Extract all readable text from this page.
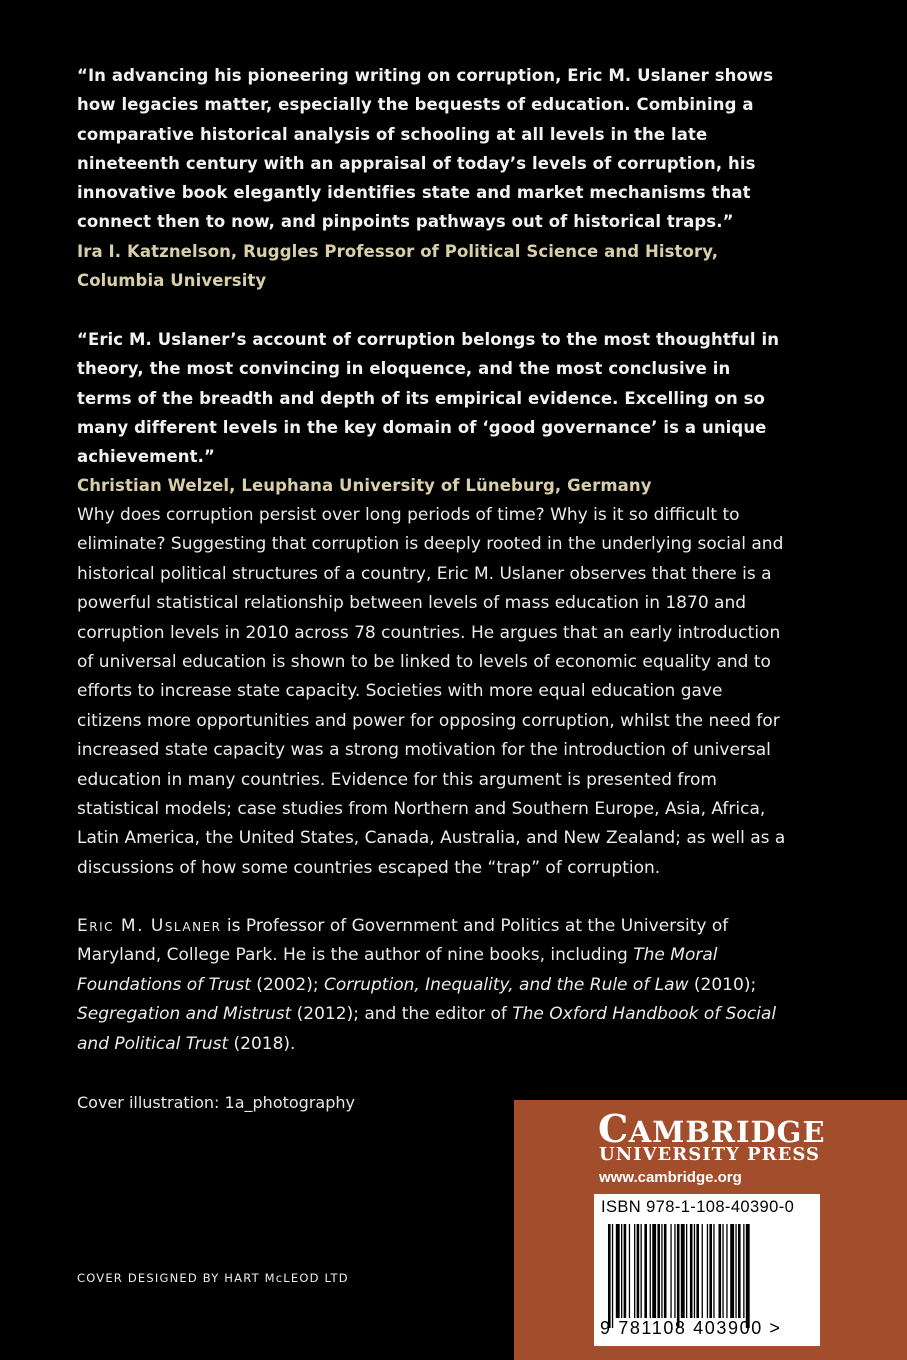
“In advancing his pioneering writing on corruption, Eric M. Uslaner shows how legacies matter, especially the bequests of education. Combining a comparative historical analysis of schooling at all levels in the late nineteenth century with an appraisal of today’s levels of corruption, his innovative book elegantly identifies state and market mechanisms that connect then to now, and pinpoints pathways out of historical traps.”
Ira I. Katznelson, Ruggles Professor of Political Science and History, Columbia University
“Eric M. Uslaner’s account of corruption belongs to the most thoughtful in theory, the most convincing in eloquence, and the most conclusive in terms of the breadth and depth of its empirical evidence. Excelling on so many different levels in the key domain of ‘good governance’ is a unique achievement.”
Christian Welzel, Leuphana University of Lüneburg, Germany
Why does corruption persist over long periods of time? Why is it so difficult to eliminate? Suggesting that corruption is deeply rooted in the underlying social and historical political structures of a country, Eric M. Uslaner observes that there is a powerful statistical relationship between levels of mass education in 1870 and corruption levels in 2010 across 78 countries. He argues that an early introduction of universal education is shown to be linked to levels of economic equality and to efforts to increase state capacity. Societies with more equal education gave citizens more opportunities and power for opposing corruption, whilst the need for increased state capacity was a strong motivation for the introduction of universal education in many countries. Evidence for this argument is presented from statistical models; case studies from Northern and Southern Europe, Asia, Africa, Latin America, the United States, Canada, Australia, and New Zealand; as well as a discussions of how some countries escaped the “trap” of corruption.
Eric M. Uslaner is Professor of Government and Politics at the University of Maryland, College Park. He is the author of nine books, including The Moral Foundations of Trust (2002); Corruption, Inequality, and the Rule of Law (2010); Segregation and Mistrust (2012); and the editor of The Oxford Handbook of Social and Political Trust (2018).
Cover illustration: 1a_photography
COVER DESIGNED BY HART McLEOD LTD
CAMBRIDGE
UNIVERSITY PRESS
www.cambridge.org
ISBN 978-1-108-40390-0
9 781108 403900 >
